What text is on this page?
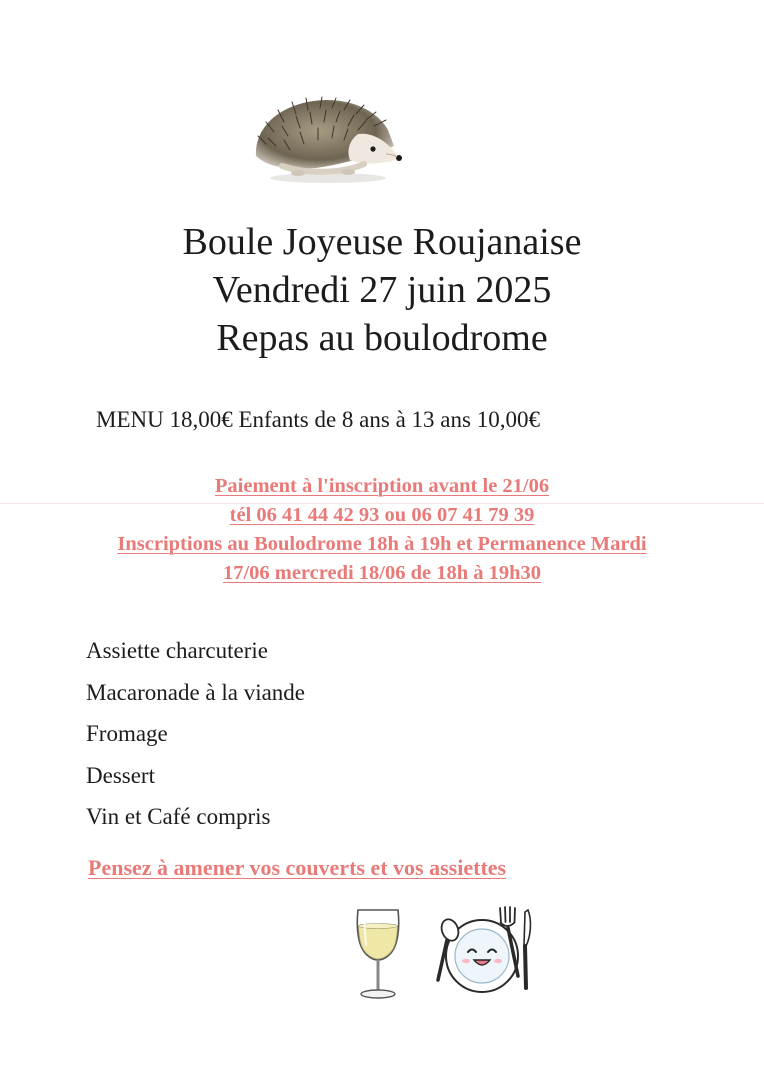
Boule Joyeuse Roujanaise
Vendredi 27 juin 2025
Repas au boulodrome
MENU 18,00€ Enfants de 8 ans à 13 ans 10,00€
Paiement à l'inscription avant le 21/06
tél 06 41 44 42 93 ou 06 07 41 79 39
Inscriptions au Boulodrome 18h à 19h et Permanence Mardi
17/06 mercredi 18/06 de 18h à 19h30
Assiette charcuterie
Macaronade à la viande
Fromage
Dessert
Vin et Café compris
Pensez à amener vos couverts et vos assiettes
